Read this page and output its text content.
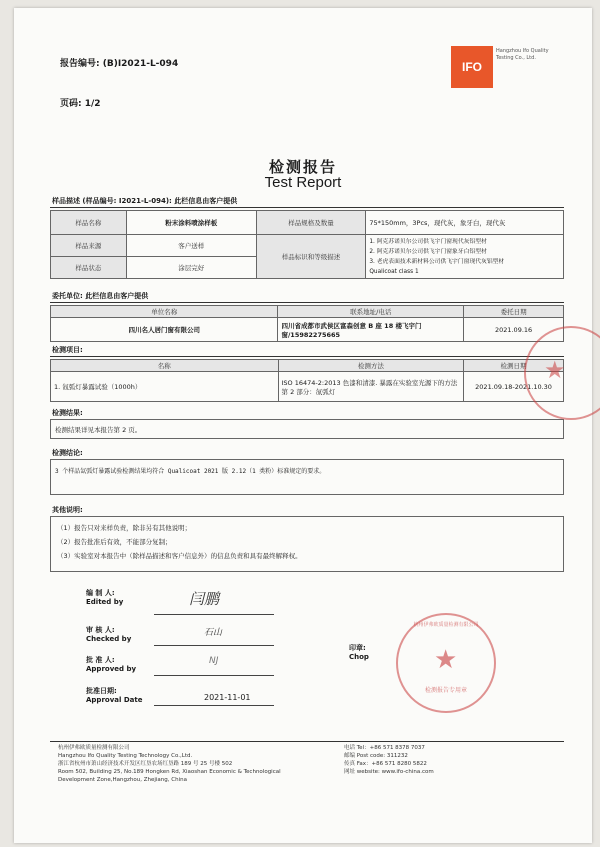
报告编号: (B)I2021-L-094
页码: 1/2
IFO
Hangzhou Ifo Quality Testing Co., Ltd.
检测报告
Test Report
样品描述 (样品编号: I2021-L-094): 此栏信息由客户提供
样品名称	粉末涂料喷涂样板	样品规格及数量	75*150mm，3Pcs，现代灰，象牙白，现代灰
样品来源	客户送样	样品标识和等级描述	1. 阿克苏诺贝尔公司供飞宇门窗现代灰铝型材
2. 阿克苏诺贝尔公司供飞宇门窗象牙白铝型材
3. 老虎表面技术新材料公司供飞宇门窗现代灰铝型材
Qualicoat class 1

样品状态	涂层完好		
委托单位: 此栏信息由客户提供
单位名称	联系地址/电话	委托日期
四川名人居门窗有限公司	四川省成都市武侯区富森创意 B 座 18 楼飞宇门窗/15982275665	2021.09.16
检测项目:
名称	检测方法	检测日期
1. 氙弧灯暴露试验（1000h）	ISO 16474-2:2013 色漆和清漆. 暴露在实验室光源下的方法 第 2 部分：氙弧灯	2021.09.18-2021.10.30
检测结果:
检测结果详见本报告第 2 页。
检测结论:
3 个样品氙弧灯暴露试验检测结果均符合 Qualicoat 2021 版 2.12（1 类粉）标准规定的要求。
其他说明:
（1）报告只对来样负责，除非另有其他说明；
（2）报告批准后有效，不能部分复制；
（3）实验室对本报告中（除样品描述和客户信息外）的信息负责和具有最终解释权。
编 制 人:
Edited by	闫鹏
审 核 人:
Checked by
石山
批 准 人:
Approved by
NJ
批准日期:
Approval Date	2021-11-01
印章:
Chop	★
杭州伊弗欧质量检测有限公司
检测报告专用章
★
杭州伊弗欧质量检测有限公司
Hangzhou Ifo Quality Testing Technology Co.,Ltd.
浙江省杭州市萧山经济技术开发区红垦农场红垦路 189 号 25 号楼 502
Room 502, Building 25, No.189 Hongken Rd, Xiaoshan Economic & Technological
Development Zone,Hangzhou, Zhejiang, China
电话 Tel：+86 571 8378 7037
邮编 Post code: 311232
传真 Fax：+86 571 8280 5822
网址 website: www.ifo-china.com
